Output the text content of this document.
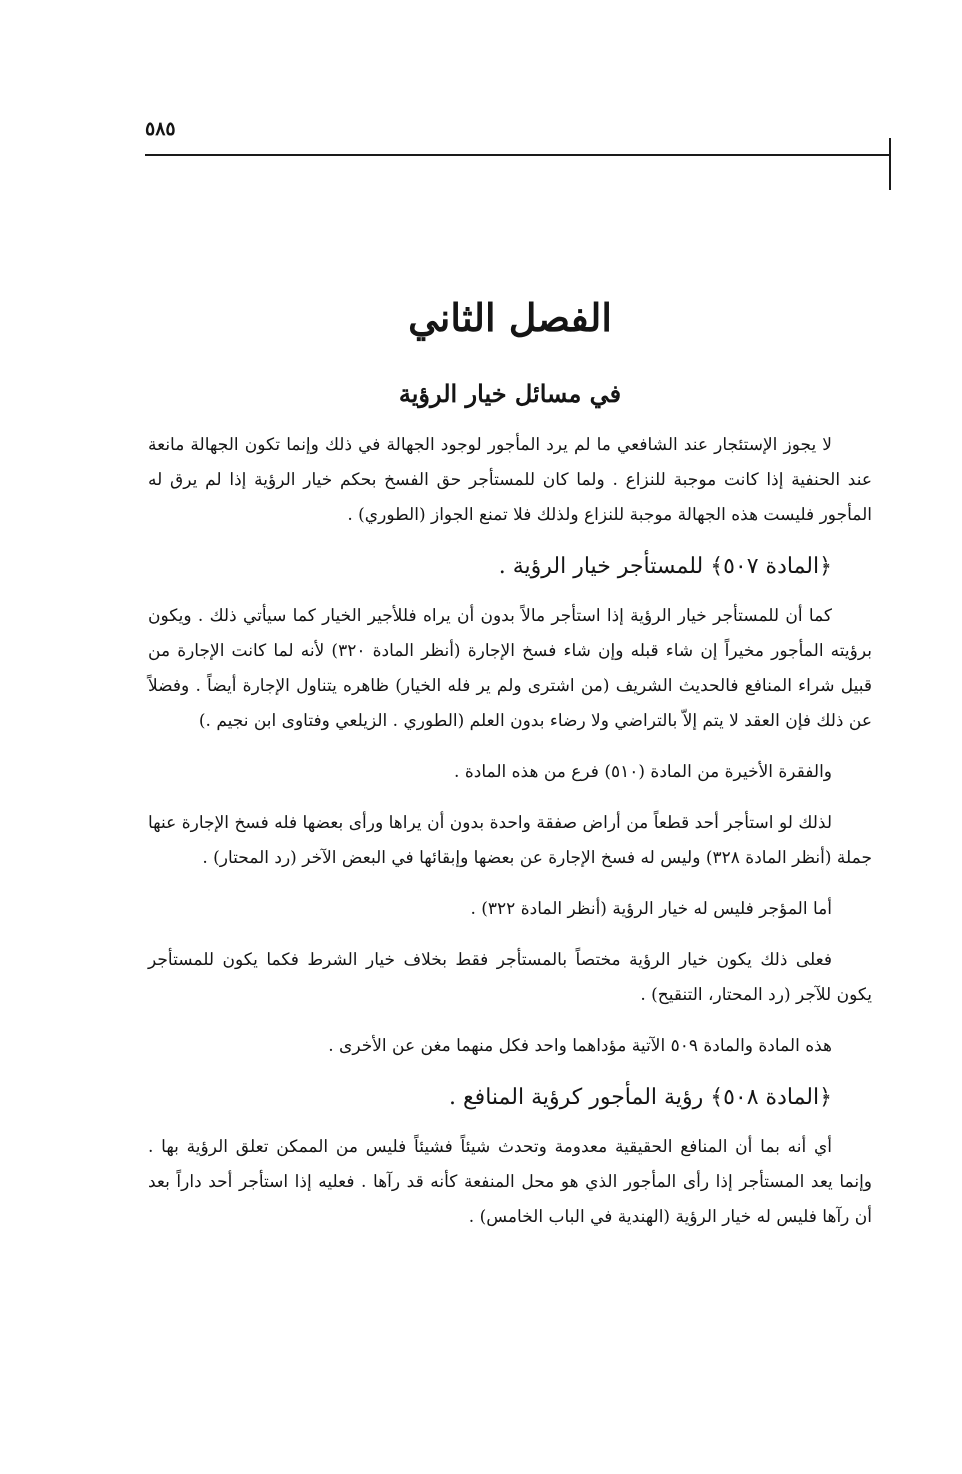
٥٨٥
الفصل الثاني
في مسائل خيار الرؤية

لا يجوز الإستئجار عند الشافعي ما لم يرد المأجور لوجود الجهالة في ذلك وإنما تكون الجهالة مانعة عند الحنفية إذا كانت موجبة للنزاع . ولما كان للمستأجر حق الفسخ بحكم خيار الرؤية إذا لم يرق له المأجور فليست هذه الجهالة موجبة للنزاع ولذلك فلا تمنع الجواز (الطوري) .

﴿المادة ٥٠٧﴾ للمستأجر خيار الرؤية .

كما أن للمستأجر خيار الرؤية إذا استأجر مالاً بدون أن يراه فللأجير الخيار كما سيأتي ذلك . ويكون برؤيته المأجور مخيراً إن شاء قبله وإن شاء فسخ الإجارة (أنظر المادة ٣٢٠) لأنه لما كانت الإجارة من قبيل شراء المنافع فالحديث الشريف (من اشترى ولم ير فله الخيار) ظاهره يتناول الإجارة أيضاً . وفضلاً عن ذلك فإن العقد لا يتم إلاّ بالتراضي ولا رضاء بدون العلم (الطوري . الزيلعي وفتاوى ابن نجيم .)

والفقرة الأخيرة من المادة (٥١٠) فرع من هذه المادة .

لذلك لو استأجر أحد قطعاً من أراض صفقة واحدة بدون أن يراها ورأى بعضها فله فسخ الإجارة عنها جملة (أنظر المادة ٣٢٨) وليس له فسخ الإجارة عن بعضها وإبقائها في البعض الآخر (رد المحتار) .

أما المؤجر فليس له خيار الرؤية (أنظر المادة ٣٢٢) .

فعلى ذلك يكون خيار الرؤية مختصاً بالمستأجر فقط بخلاف خيار الشرط فكما يكون للمستأجر يكون للآجر (رد المحتار، التنقيح) .

هذه المادة والمادة ٥٠٩ الآتية مؤداهما واحد فكل منهما مغن عن الأخرى .

﴿المادة ٥٠٨﴾ رؤية المأجور كرؤية المنافع .

أي أنه بما أن المنافع الحقيقية معدومة وتحدث شيئاً فشيئاً فليس من الممكن تعلق الرؤية بها . وإنما يعد المستأجر إذا رأى المأجور الذي هو محل المنفعة كأنه قد رآها . فعليه إذا استأجر أحد داراً بعد أن رآها فليس له خيار الرؤية (الهندية في الباب الخامس) .
